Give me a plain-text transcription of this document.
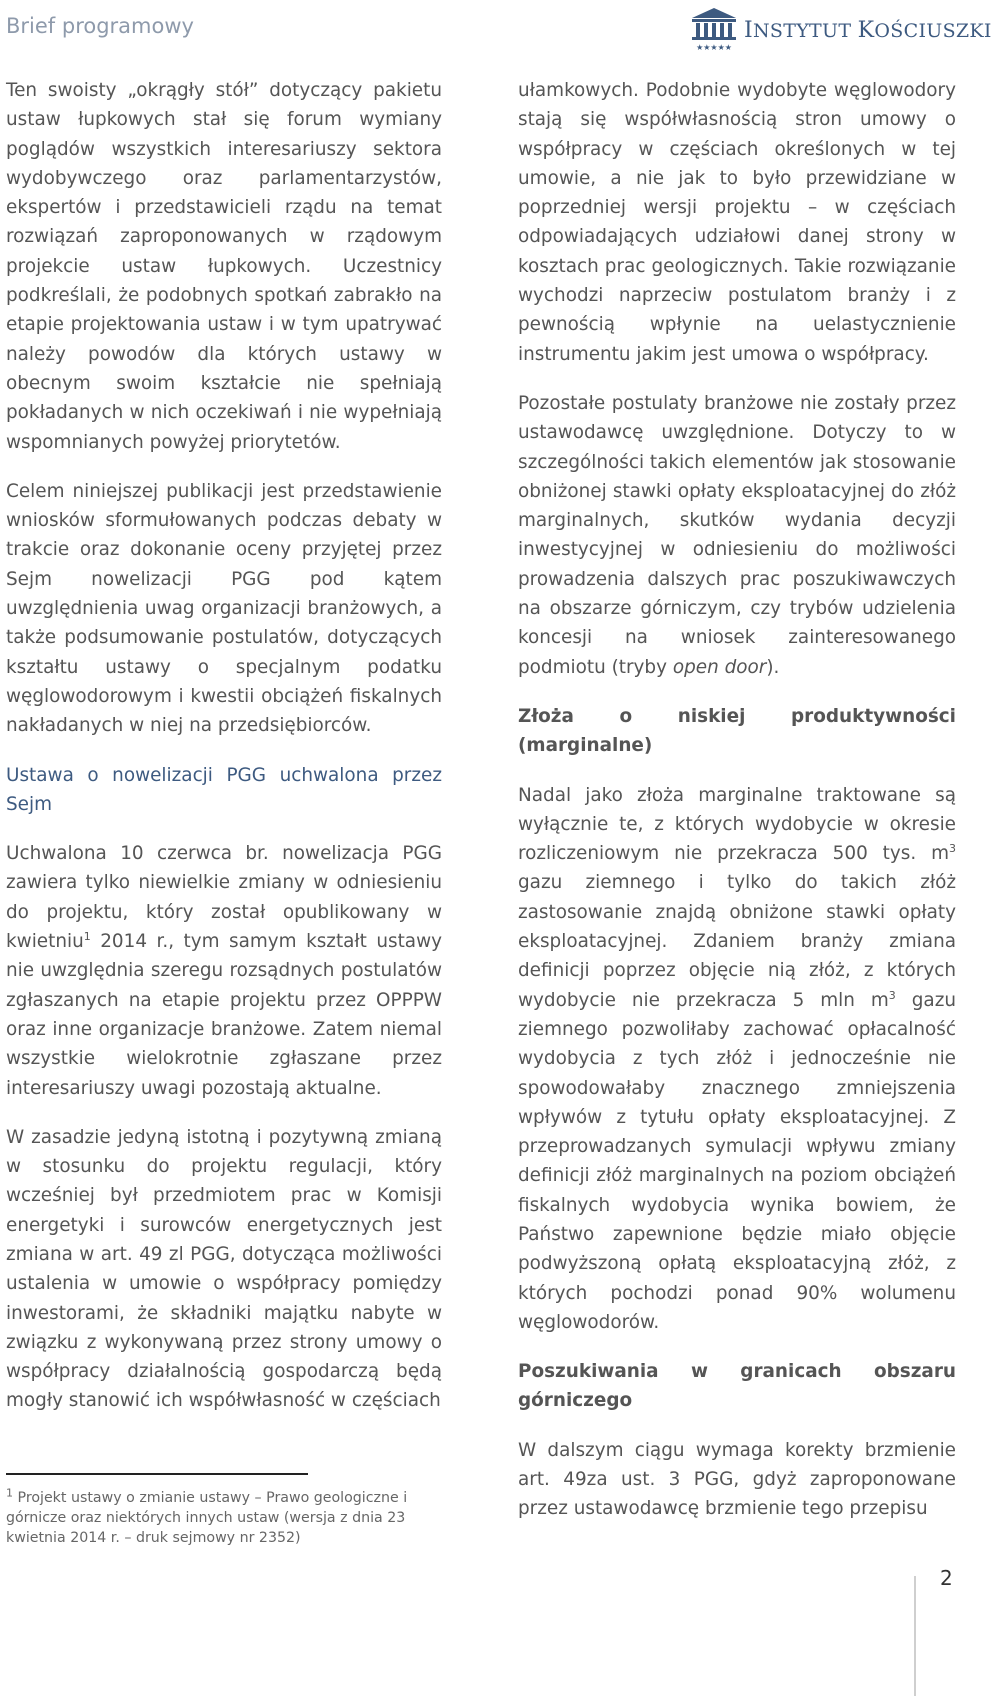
Brief programowy
★★★★★
INSTYTUT KOŚCIUSZKI

Ten swoisty „okrągły stół” dotyczący pakietu ustaw łupkowych stał się forum wymiany poglądów wszystkich interesariuszy sektora wydobywczego oraz parlamentarzystów, ekspertów i przedstawicieli rządu na temat rozwiązań zaproponowanych w rządowym projekcie ustaw łupkowych. Uczestnicy podkreślali, że podobnych spotkań zabrakło na etapie projektowania ustaw i w tym upatrywać należy powodów dla których ustawy w obecnym swoim kształcie nie spełniają pokładanych w nich oczekiwań i nie wypełniają wspomnianych powyżej priorytetów.

Celem niniejszej publikacji jest przedstawienie wniosków sformułowanych podczas debaty w trakcie oraz dokonanie oceny przyjętej przez Sejm nowelizacji PGG pod kątem uwzględnienia uwag organizacji branżowych, a także podsumowanie postulatów, dotyczących kształtu ustawy o specjalnym podatku węglowodorowym i kwestii obciążeń fiskalnych nakładanych w niej na przedsiębiorców.

Ustawa o nowelizacji PGG uchwalona przez Sejm

Uchwalona 10 czerwca br. nowelizacja PGG zawiera tylko niewielkie zmiany w odniesieniu do projektu, który został opublikowany w kwietniu$^1$ 2014 r., tym samym kształt ustawy nie uwzględnia szeregu rozsądnych postulatów zgłaszanych na etapie projektu przez OPPPW oraz inne organizacje branżowe. Zatem niemal wszystkie wielokrotnie zgłaszane przez interesariuszy uwagi pozostają aktualne.

W zasadzie jedyną istotną i pozytywną zmianą w stosunku do projektu regulacji, który wcześniej był przedmiotem prac w Komisji energetyki i surowców energetycznych jest zmiana w art. 49 zl PGG, dotycząca możliwości ustalenia w umowie o współpracy pomiędzy inwestorami, że składniki majątku nabyte w związku z wykonywaną przez strony umowy o współpracy działalnością gospodarczą będą mogły stanowić ich współwłasność w częściach

$^1$ Projekt ustawy o zmianie ustawy – Prawo geologiczne i górnicze oraz niektórych innych ustaw (wersja z dnia 23 kwietnia 2014 r. – druk sejmowy nr 2352)

ułamkowych. Podobnie wydobyte węglowodory stają się współwłasnością stron umowy o współpracy w częściach określonych w tej umowie, a nie jak to było przewidziane w poprzedniej wersji projektu – w częściach odpowiadających udziałowi danej strony w kosztach prac geologicznych. Takie rozwiązanie wychodzi naprzeciw postulatom branży i z pewnością wpłynie na uelastycznienie instrumentu jakim jest umowa o współpracy.

Pozostałe postulaty branżowe nie zostały przez ustawodawcę uwzględnione. Dotyczy to w szczególności takich elementów jak stosowanie obniżonej stawki opłaty eksploatacyjnej do złóż marginalnych, skutków wydania decyzji inwestycyjnej w odniesieniu do możliwości prowadzenia dalszych prac poszukiwawczych na obszarze górniczym, czy trybów udzielenia koncesji na wniosek zainteresowanego podmiotu (tryby open door).

Złoża o niskiej produktywności (marginalne)

Nadal jako złoża marginalne traktowane są wyłącznie te, z których wydobycie w okresie rozliczeniowym nie przekracza 500 tys. $m^3$ gazu ziemnego i tylko do takich złóż zastosowanie znajdą obniżone stawki opłaty eksploatacyjnej. Zdaniem branży zmiana definicji poprzez objęcie nią złóż, z których wydobycie nie przekracza 5 mln $m^3$ gazu ziemnego pozwoliłaby zachować opłacalność wydobycia z tych złóż i jednocześnie nie spowodowałaby znacznego zmniejszenia wpływów z tytułu opłaty eksploatacyjnej. Z przeprowadzanych symulacji wpływu zmiany definicji złóż marginalnych na poziom obciążeń fiskalnych wydobycia wynika bowiem, że Państwo zapewnione będzie miało objęcie podwyższoną opłatą eksploatacyjną złóż, z których pochodzi ponad 90% wolumenu węglowodorów.

Poszukiwania w granicach obszaru górniczego

W dalszym ciągu wymaga korekty brzmienie art. 49za ust. 3 PGG, gdyż zaproponowane przez ustawodawcę brzmienie tego przepisu

2
